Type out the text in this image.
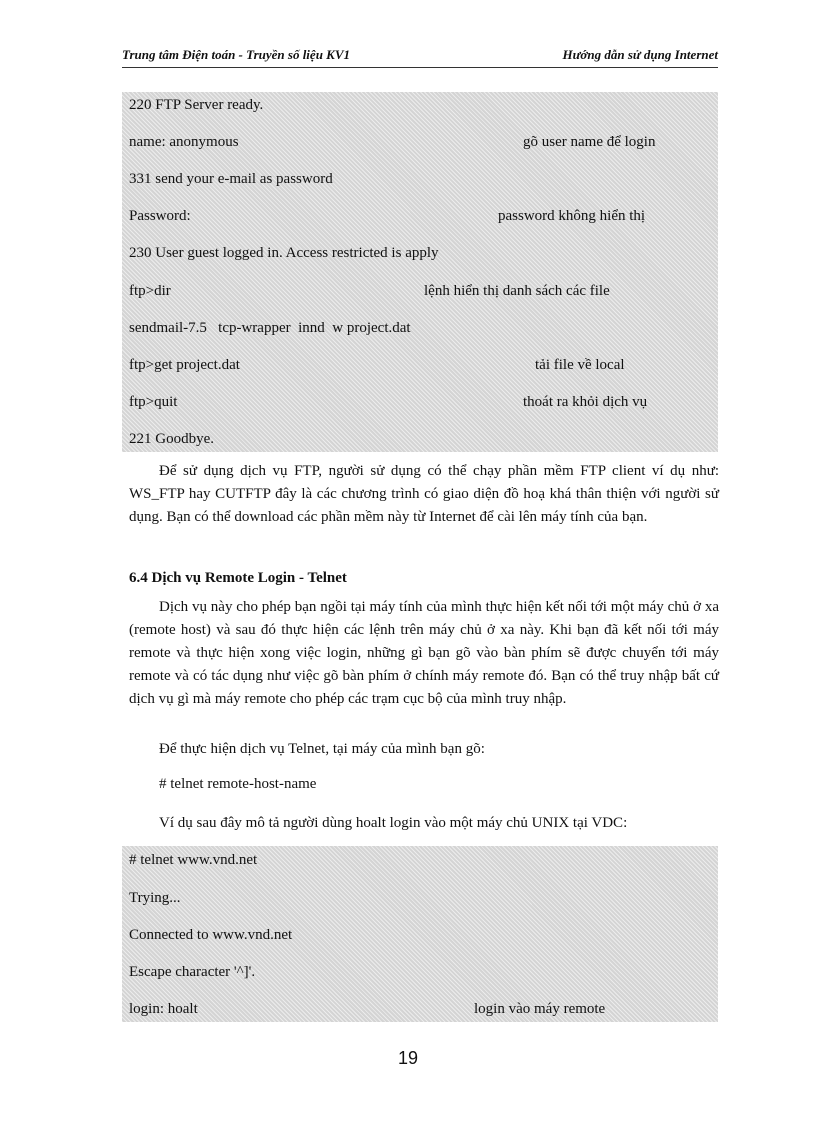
Trung tâm Điện toán - Truyền số liệu KV1	Hướng dẫn sử dụng Internet
220 FTP Server ready.
name: anonymous	gõ user name để login
331 send your e-mail as password
Password:	password không hiển thị
230 User guest logged in. Access restricted is apply
ftp>dir	lệnh hiển thị danh sách các file
sendmail-7.5   tcp-wrapper  innd  w project.dat
ftp>get project.dat	tải file về local
ftp>quit	thoát ra khỏi dịch vụ
221 Goodbye.

Để sử dụng dịch vụ FTP, người sử dụng có thể chạy phần mềm FTP client ví dụ như: WS_FTP hay CUTFTP đây là các chương trình có giao diện đồ hoạ khá thân thiện với người sử dụng. Bạn có thể download các phần mềm này từ Internet để cài lên máy tính của bạn.

6.4 Dịch vụ Remote Login - Telnet

Dịch vụ này cho phép bạn ngồi tại máy tính của mình thực hiện kết nối tới một máy chủ ở xa (remote host) và sau đó thực hiện các lệnh trên máy chủ ở xa này. Khi bạn đã kết nối tới máy remote và thực hiện xong việc login, những gì bạn gõ vào bàn phím sẽ được chuyển tới máy remote và có tác dụng như việc gõ bàn phím ở chính máy remote đó. Bạn có thể truy nhập bất cứ dịch vụ gì mà máy remote cho phép các trạm cục bộ của mình truy nhập.

Để thực hiện dịch vụ Telnet, tại máy của mình bạn gõ:

# telnet remote-host-name

Ví dụ sau đây mô tả người dùng hoalt login vào một máy chủ UNIX tại VDC:

# telnet www.vnd.net
Trying...
Connected to www.vnd.net
Escape character '^]'.
login: hoalt	login vào máy remote
19
